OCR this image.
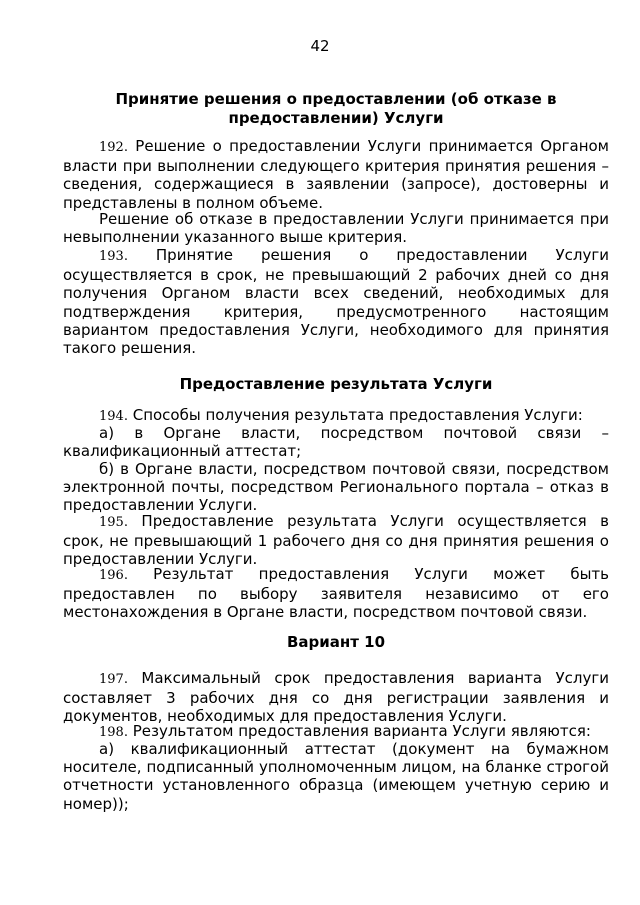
42
Принятие решения о предоставлении (об отказе в
предоставлении) Услуги

192. Решение о предоставлении Услуги принимается Органом власти при выполнении следующего критерия принятия решения – сведения, содержащиеся в заявлении (запросе), достоверны и представлены в полном объеме.

Решение об отказе в предоставлении Услуги принимается при невыполнении указанного выше критерия.

193. Принятие решения о предоставлении Услуги осуществляется в срок, не превышающий 2 рабочих дней со дня получения Органом власти всех сведений, необходимых для подтверждения критерия, предусмотренного настоящим вариантом предоставления Услуги, необходимого для принятия такого решения.

Предоставление результата Услуги

194. Способы получения результата предоставления Услуги:

а) в Органе власти, посредством почтовой связи – квалификационный аттестат;

б) в Органе власти, посредством почтовой связи, посредством электронной почты, посредством Регионального портала – отказ в предоставлении Услуги.

195. Предоставление результата Услуги осуществляется в срок, не превышающий 1 рабочего дня со дня принятия решения о предоставлении Услуги.

196. Результат предоставления Услуги может быть предоставлен по выбору заявителя независимо от его местонахождения в Органе власти, посредством почтовой связи.

Вариант 10

197. Максимальный срок предоставления варианта Услуги составляет 3 рабочих дня со дня регистрации заявления и документов, необходимых для предоставления Услуги.

198. Результатом предоставления варианта Услуги являются:

а) квалификационный аттестат (документ на бумажном носителе, подписанный уполномоченным лицом, на бланке строгой отчетности установленного образца (имеющем учетную серию и номер));
